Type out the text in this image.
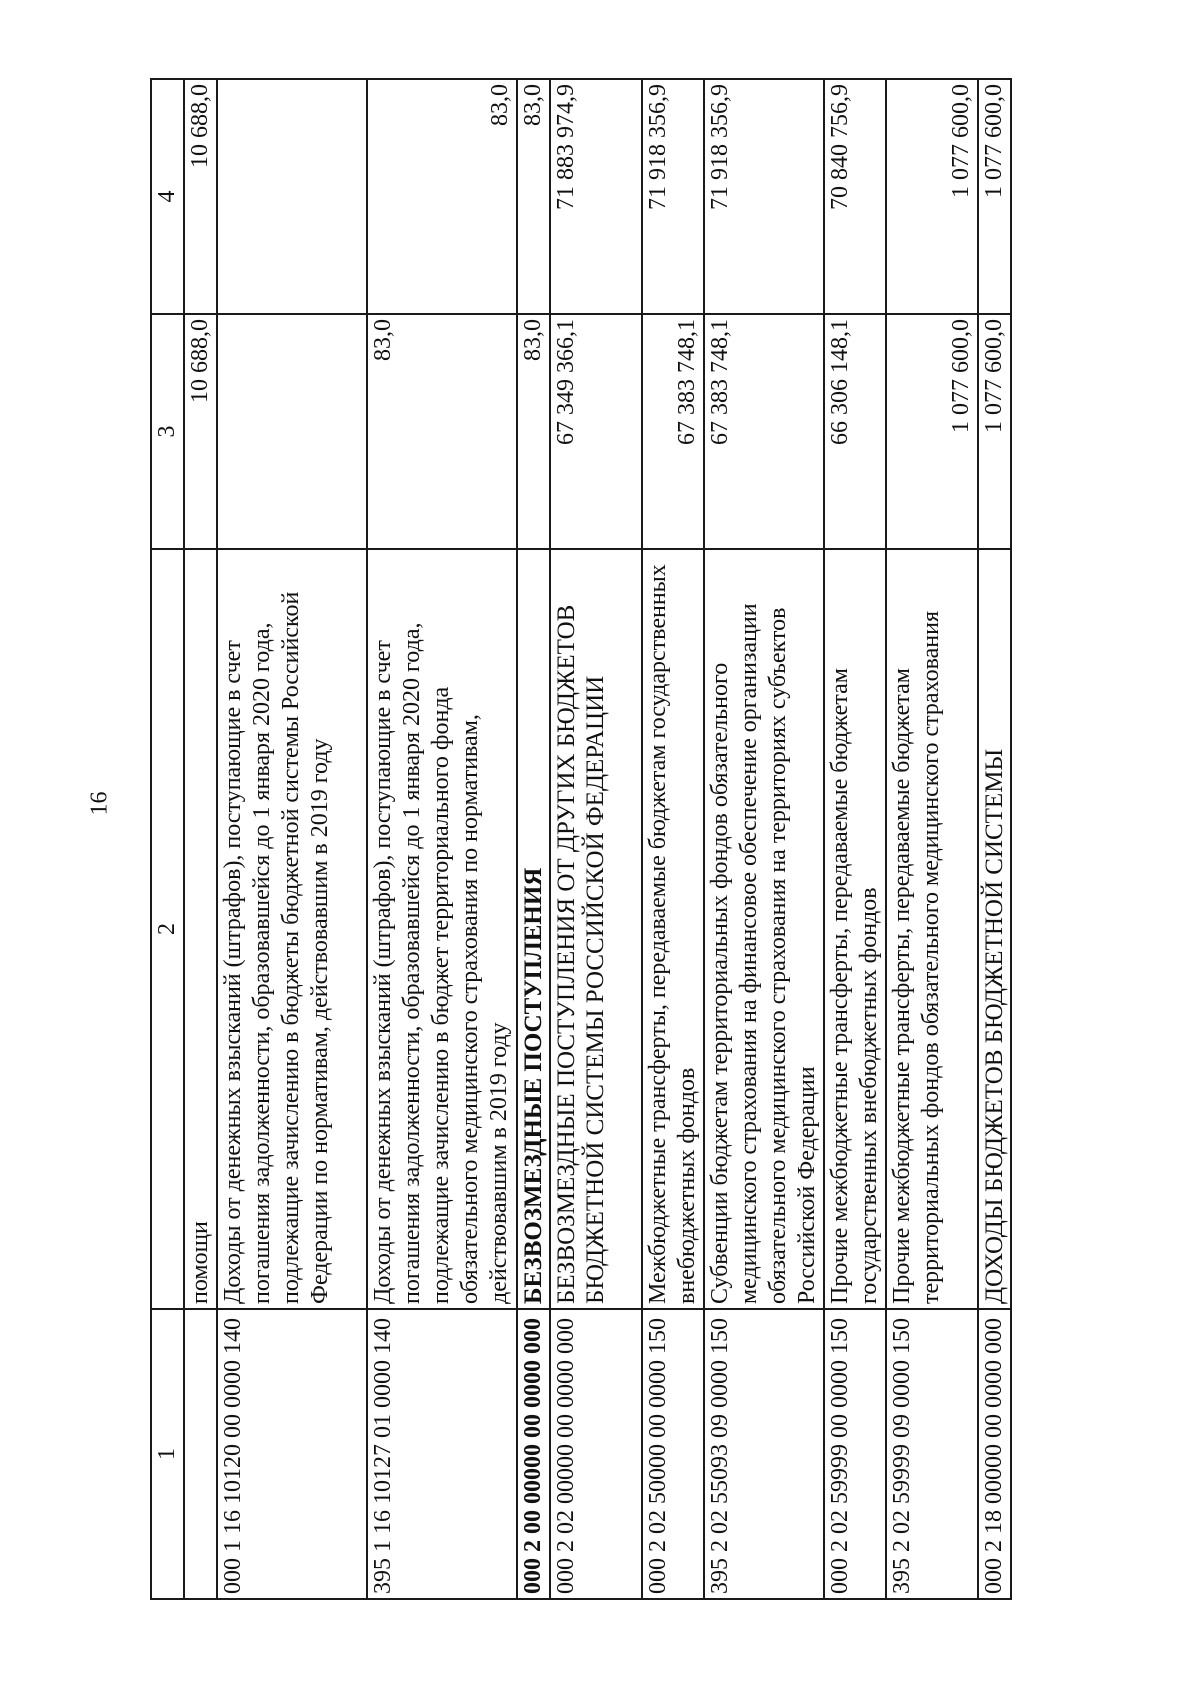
16
1	2	3	4
	помощи	10 688,0	10 688,0
000 1 16 10120 00 0000 140	Доходы от денежных взысканий (штрафов), поступающие в счет погашения задолженности, образовавшейся до 1 января 2020 года, подлежащие зачислению в бюджеты бюджетной системы Российской Федерации по нормативам, действовавшим в 2019 году		
395 1 16 10127 01 0000 140	Доходы от денежных взысканий (штрафов), поступающие в счет погашения задолженности, образовавшейся до 1 января 2020 года, подлежащие зачислению в бюджет территориального фонда обязательного медицинского страхования по нормативам, действовавшим в 2019 году	83,0	83,0
000 2 00 00000 00 0000 000	БЕЗВОЗМЕЗДНЫЕ ПОСТУПЛЕНИЯ	83,0	83,0
000 2 02 00000 00 0000 000	БЕЗВОЗМЕЗДНЫЕ ПОСТУПЛЕНИЯ ОТ ДРУГИХ БЮДЖЕТОВ БЮДЖЕТНОЙ СИСТЕМЫ РОССИЙСКОЙ ФЕДЕРАЦИИ	67 349 366,1	71 883 974,9
000 2 02 50000 00 0000 150	Межбюджетные трансферты, передаваемые бюджетам государственных внебюджетных фондов	67 383 748,1	71 918 356,9
395 2 02 55093 09 0000 150	Субвенции бюджетам территориальных фондов обязательного медицинского страхования на финансовое обеспечение организации обязательного медицинского страхования на территориях субъектов Российской Федерации	67 383 748,1	71 918 356,9
000 2 02 59999 00 0000 150	Прочие межбюджетные трансферты, передаваемые бюджетам государственных внебюджетных фондов	66 306 148,1	70 840 756,9
395 2 02 59999 09 0000 150	Прочие межбюджетные трансферты, передаваемые бюджетам территориальных фондов обязательного медицинского страхования	1 077 600,0	1 077 600,0
000 2 18 00000 00 0000 000	ДОХОДЫ БЮДЖЕТОВ БЮДЖЕТНОЙ СИСТЕМЫ	1 077 600,0	1 077 600,0
